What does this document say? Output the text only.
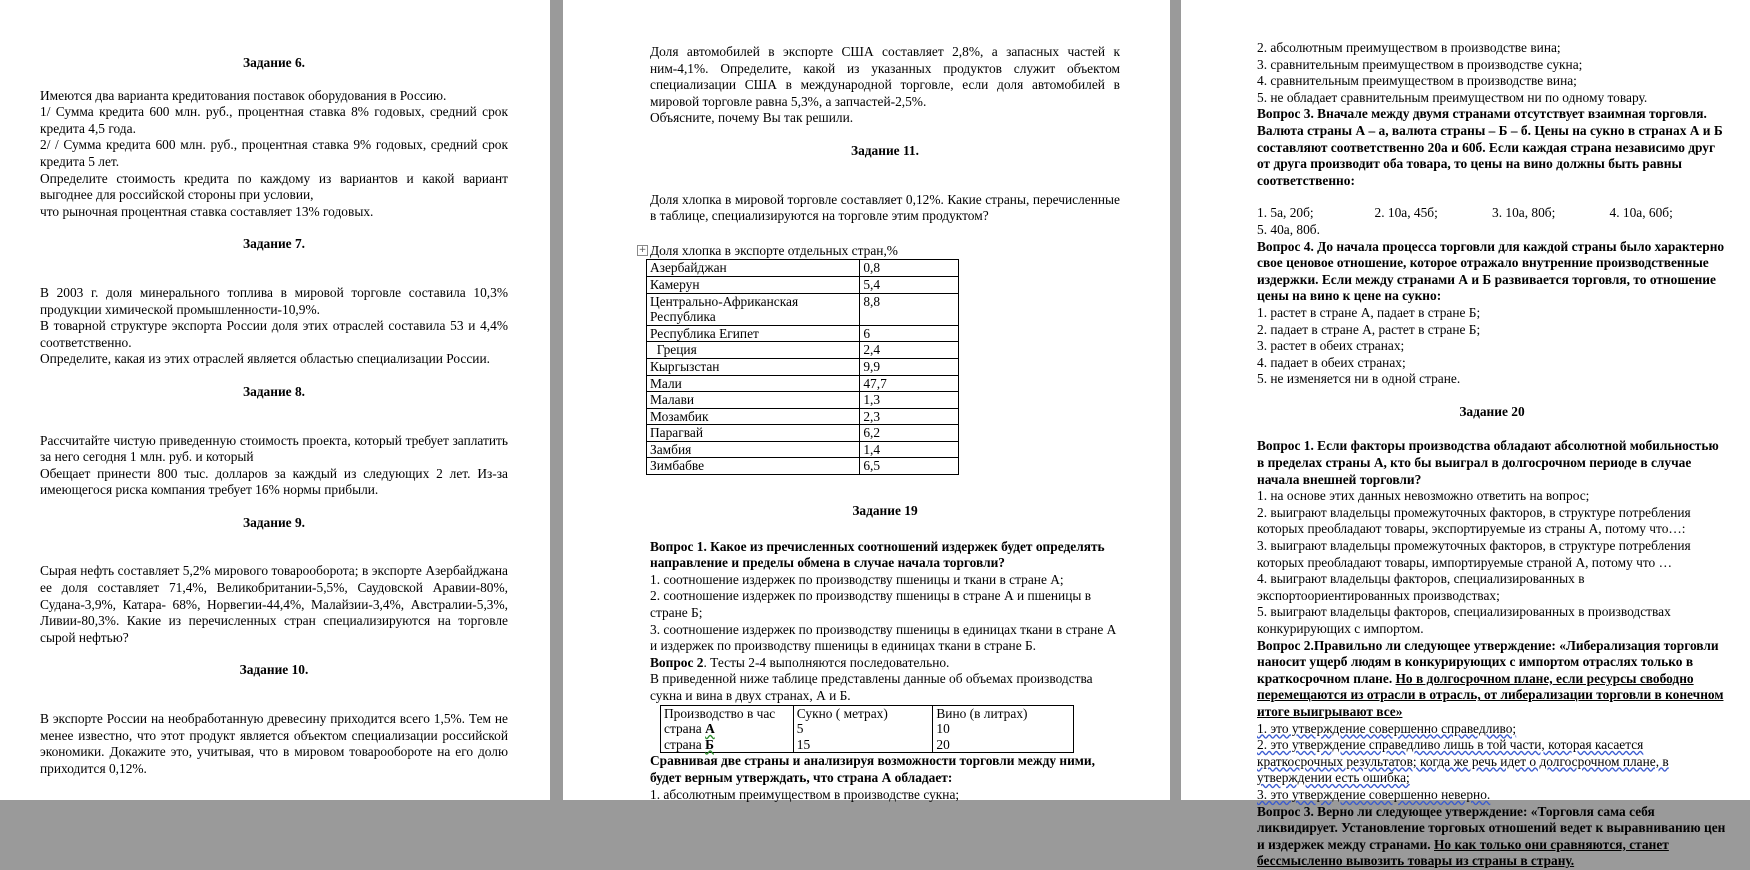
Задание 6.

Имеются два варианта кредитования поставок оборудования в Россию.

1/ Сумма кредита 600 млн. руб., процентная ставка 8% годовых, средний срок кредита 4,5 года.

2/ / Сумма кредита 600 млн. руб., процентная ставка 9% годовых, средний срок кредита 5 лет.

Определите стоимость кредита по каждому из вариантов и какой вариант выгоднее для российской стороны при условии,

что рыночная процентная ставка составляет 13% годовых.

Задание 7.

В 2003 г. доля минерального топлива в мировой торговле составила 10,3% продукции химической промышленности-10,9%.

В товарной структуре экспорта России доля этих отраслей составила 53 и 4,4% соответственно.

Определите, какая из этих отраслей является областью специализации России.

Задание 8.

Рассчитайте чистую приведенную стоимость проекта, который требует заплатить за него сегодня 1 млн. руб. и который

Обещает принести 800 тыс. долларов за каждый из следующих 2 лет. Из-за имеющегося риска компания требует 16% нормы прибыли.

Задание 9.

Сырая нефть составляет 5,2% мирового товарооборота; в экспорте Азербайджана ее доля составляет 71,4%, Великобритании-5,5%, Саудовской Аравии-80%, Судана-3,9%, Катара- 68%, Норвегии-44,4%, Малайзии-3,4%, Австралии-5,3%, Ливии-80,3%. Какие из перечисленных стран специализируются на торговле сырой нефтью?

Задание 10.

В экспорте России на необработанную древесину приходится всего 1,5%. Тем не менее известно, что этот продукт является объектом специализации российской экономики. Докажите это, учитывая, что в мировом товарообороте на его долю приходится 0,12%.

Доля автомобилей в экспорте США составляет 2,8%, а запасных частей к ним-4,1%. Определите, какой из указанных продуктов служит объектом специализации США в международной торговле, если доля автомобилей в мировой торговле равна 5,3%, а запчастей-2,5%.

Объясните, почему Вы так решили.

Задание 11.

Доля хлопка в мировой торговле составляет 0,12%. Какие страны, перечисленные в таблице, специализируются на торговле этим продуктом?

+ Доля хлопка в экспорте отдельных стран,%

Азербайджан	0,8
Камерун	5,4
Центрально-Африканская Республика	8,8
Республика Египет	6
Греция	2,4
Кыргызстан	9,9
Мали	47,7
Малави	1,3
Мозамбик	2,3
Парагвай	6,2
Замбия	1,4
Зимбабве	6,5

Задание 19

Вопрос 1. Какое из пречисленных соотношений издержек будет определять направление и пределы обмена в случае начала торговли?

1. соотношение издержек по производству пшеницы и ткани в стране А;

2. соотношение издержек по производству пшеницы в стране А и пшеницы в стране Б;

3. соотношение издержек по производству пшеницы в единицах ткани в стране А и издержек по производству пшеницы в единицах ткани в стране Б.

Вопрос 2. Тесты 2-4 выполняются последовательно.

В приведенной ниже таблице представлены данные об объемах производства сукна и вина в двух странах, А и Б.

Производство в час	Сукно ( метрах)	Вино (в литрах)
страна А	5	10
страна Б	15	20

Сравнивая две страны и анализируя возможности торговли между ними, будет верным утверждать, что страна А обладает:

1. абсолютным преимуществом в производстве сукна;

2. абсолютным преимуществом в производстве вина;

3. сравнительным преимуществом в производстве сукна;

4. сравнительным преимуществом в производстве вина;

5. не обладает сравнительным преимуществом ни по одному товару.

Вопрос 3. Вначале между двумя странами отсутствует взаимная торговля. Валюта страны А – а, валюта страны – Б – б. Цены на сукно в странах А и Б составляют соответственно 20а и 60б. Если каждая страна независимо друг от друга производит оба товара, то цены на вино должны быть равны соответственно:

1. 5а, 20б;	2. 10а, 45б;	3. 10а, 80б;	4. 10а, 60б;

5. 40а, 80б.

Вопрос 4. До начала процесса торговли для каждой страны было характерно свое ценовое отношение, которое отражало внутренние производственные издержки. Если между странами А и Б развивается торговля, то отношение цены на вино к цене на сукно:

1. растет в стране А, падает в стране Б;

2. падает в стране А, растет в стране Б;

3. растет в обеих странах;

4. падает в обеих странах;

5. не изменяется ни в одной стране.

Задание 20

Вопрос 1. Если факторы производства обладают абсолютной мобильностью в пределах страны А, кто бы выиграл в долгосрочном периоде в случае начала внешней торговли?

1. на основе этих данных невозможно ответить на вопрос;

2. выиграют владельцы промежуточных факторов, в структуре потребления которых преобладают товары, экспортируемые из страны А, потому что…:

3. выиграют владельцы промежуточных факторов, в структуре потребления которых преобладают товары, импортируемые страной А, потому что …

4. выиграют владельцы факторов, специализированных в экспортоориентированных производствах;

5. выиграют владельцы факторов, специализированных в производствах конкурирующих с импортом.

Вопрос 2.Правильно ли следующее утверждение: «Либерализация торговли наносит ущерб людям в конкурирующих с импортом отраслях только в краткосрочном плане. Но в долгосрочном плане, если ресурсы свободно перемещаются из отрасли в отрасль, от либерализации торговли в конечном итоге выигрывают все»

1. это утверждение совершенно справедливо;

2. это утверждение справедливо лишь в той части, которая касается краткосрочных результатов; когда же речь идет о долгосрочном плане, в утверждении есть ошибка;

3. это утверждение совершенно неверно.

Вопрос 3. Верно ли следующее утверждение: «Торговля сама себя ликвидирует. Установление торговых отношений ведет к выравниванию цен и издержек между странами. Но как только они сравняются, станет бессмысленно вывозить товары из страны в страну.
